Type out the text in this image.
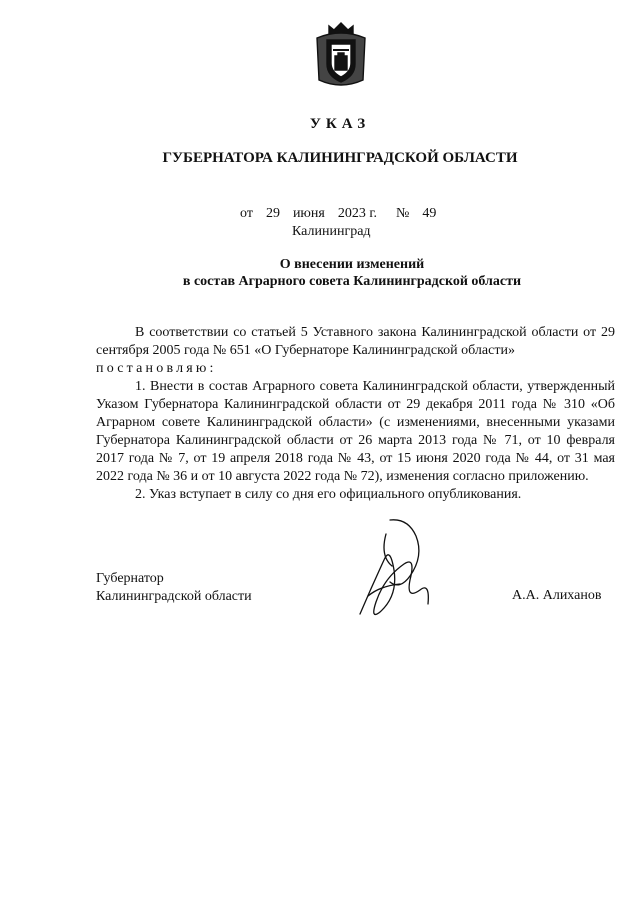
УКАЗ
ГУБЕРНАТОРА КАЛИНИНГРАДСКОЙ ОБЛАСТИ
от 29 июня 2023 г. № 49
Калининград
О внесении изменений
в состав Аграрного совета Калининградской области

В соответствии со статьей 5 Уставного закона Калининградской области от 29 сентября 2005 года № 651 «О Губернаторе Калининградской области»

постановляю:

1. Внести в состав Аграрного совета Калининградской области, утвержденный Указом Губернатора Калининградской области от 29 декабря 2011 года № 310 «Об Аграрном совете Калининградской области» (с изменениями, внесенными указами Губернатора Калининградской области от 26 марта 2013 года № 71, от 10 февраля 2017 года № 7, от 19 апреля 2018 года № 43, от 15 июня 2020 года № 44, от 31 мая 2022 года № 36 и от 10 августа 2022 года № 72), изменения согласно приложению.

2. Указ вступает в силу со дня его официального опубликования.

Губернатор
Калининградской области	А.А. Алиханов
